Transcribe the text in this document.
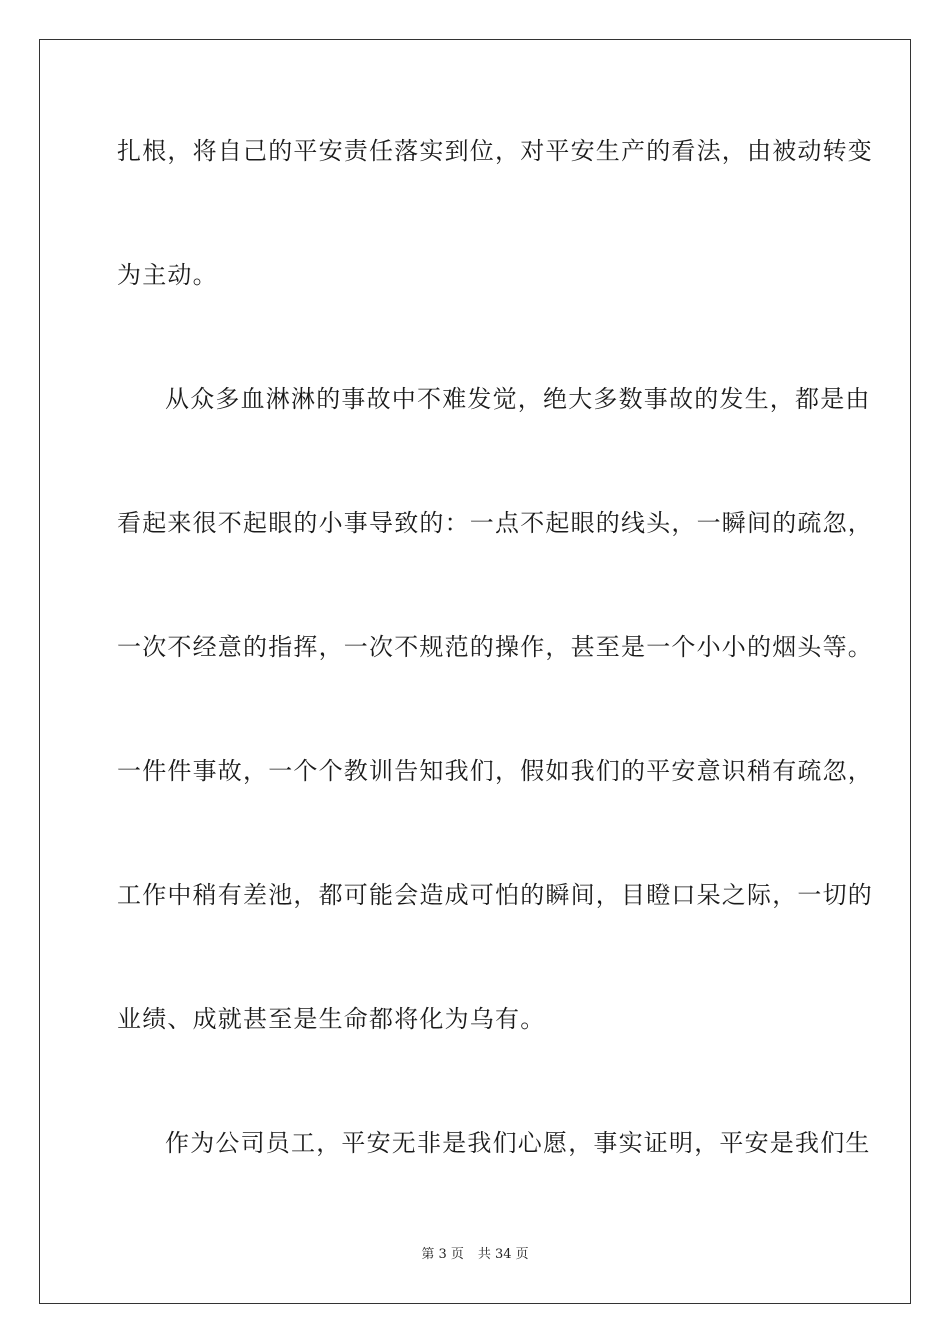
扎根，将自己的平安责任落实到位，对平安生产的看法，由被动转变
为主动。
从众多血淋淋的事故中不难发觉，绝大多数事故的发生，都是由
看起来很不起眼的小事导致的：一点不起眼的线头，一瞬间的疏忽，
一次不经意的指挥，一次不规范的操作，甚至是一个小小的烟头等。
一件件事故，一个个教训告知我们，假如我们的平安意识稍有疏忽，
工作中稍有差池，都可能会造成可怕的瞬间，目瞪口呆之际，一切的
业绩、成就甚至是生命都将化为乌有。
作为公司员工，平安无非是我们心愿，事实证明，平安是我们生
第 3 页 共 34 页
